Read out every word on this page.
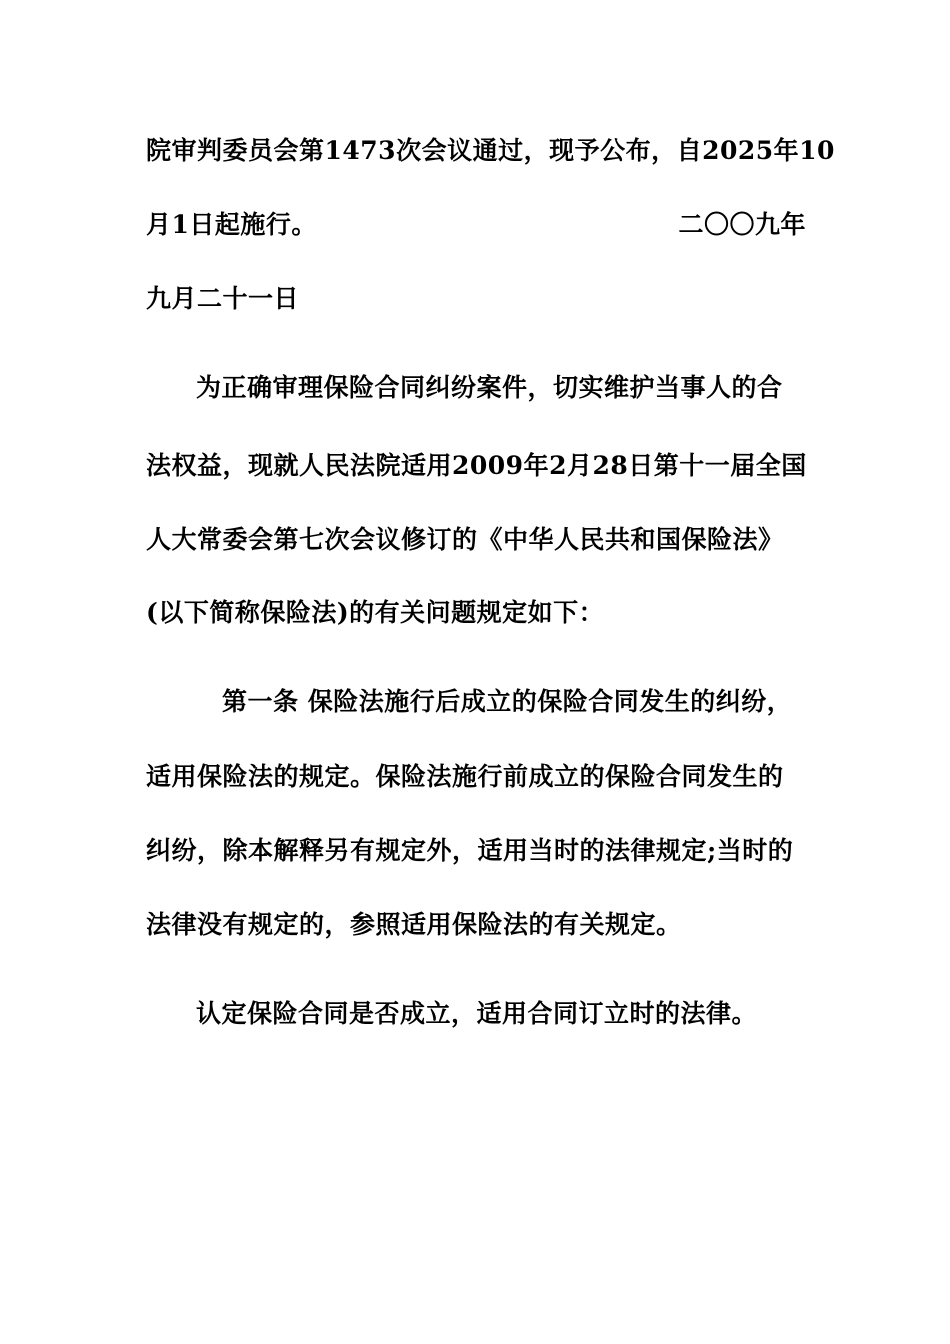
院审判委员会第1473次会议通过，现予公布，自2025年10
月1日起施行。	二〇〇九年
九月二十一日
为正确审理保险合同纠纷案件，切实维护当事人的合
法权益，现就人民法院适用2009年2月28日第十一届全国
人大常委会第七次会议修订的《中华人民共和国保险法》
(以下简称保险法)的有关问题规定如下：
第一条 保险法施行后成立的保险合同发生的纠纷，
适用保险法的规定。保险法施行前成立的保险合同发生的
纠纷，除本解释另有规定外，适用当时的法律规定;当时的
法律没有规定的，参照适用保险法的有关规定。
认定保险合同是否成立，适用合同订立时的法律。
